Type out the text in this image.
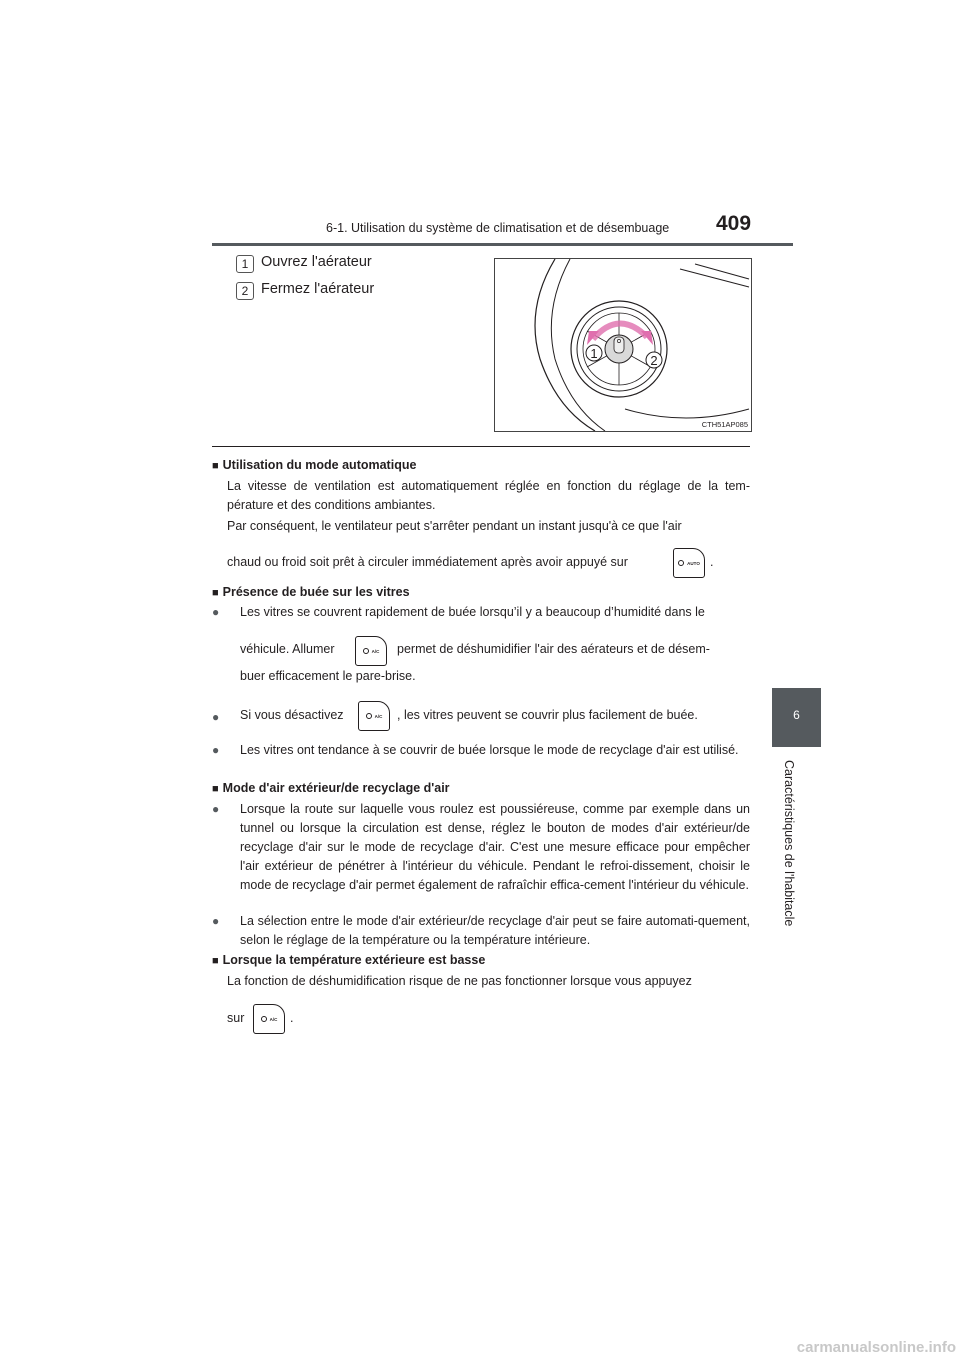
6-1. Utilisation du système de climatisation et de désembuage 409
6
Caractéristiques de l'habitacle
1 Ouvrez l'aérateur
2 Fermez l'aérateur
1	2
CTH51AP085
■ Utilisation du mode automatique
La vitesse de ventilation est automatiquement réglée en fonction du réglage de la tem-pérature et des conditions ambiantes.
Par conséquent, le ventilateur peut s'arrêter pendant un instant jusqu'à ce que l'air
chaud ou froid soit prêt à circuler immédiatement après avoir appuyé sur	AUTO .
■ Présence de buée sur les vitres
● Les vitres se couvrent rapidement de buée lorsqu’il y a beaucoup d’humidité dans le
véhicule. Allumer	A/C permet de déshumidifier l'air des aérateurs et de désem-
buer efficacement le pare-brise.
● Si vous désactivez	A/C , les vitres peuvent se couvrir plus facilement de buée.
● Les vitres ont tendance à se couvrir de buée lorsque le mode de recyclage d'air est utilisé.
■ Mode d'air extérieur/de recyclage d'air
● Lorsque la route sur laquelle vous roulez est poussiéreuse, comme par exemple dans un tunnel ou lorsque la circulation est dense, réglez le bouton de modes d'air extérieur/de recyclage d'air sur le mode de recyclage d'air. C'est une mesure efficace pour empêcher l'air extérieur de pénétrer à l'intérieur du véhicule. Pendant le refroi-dissement, choisir le mode de recyclage d'air permet également de rafraîchir effica-cement l'intérieur du véhicule.
● La sélection entre le mode d'air extérieur/de recyclage d'air peut se faire automati-quement, selon le réglage de la température ou la température intérieure.
■ Lorsque la température extérieure est basse
La fonction de déshumidification risque de ne pas fonctionner lorsque vous appuyez
sur	A/C .
carmanualsonline.info
